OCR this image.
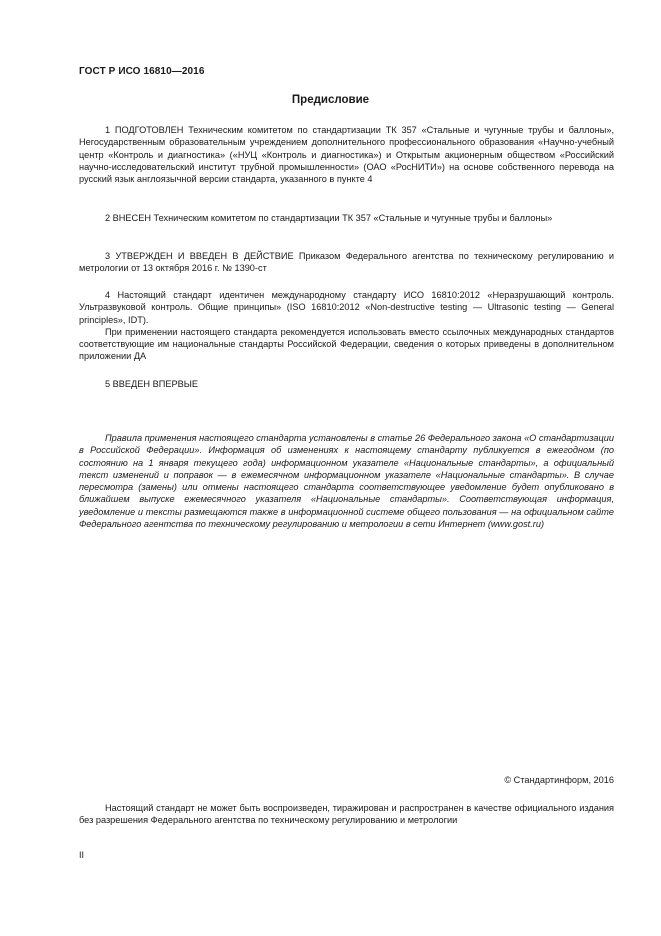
ГОСТ Р ИСО 16810—2016
Предисловие

1 ПОДГОТОВЛЕН Техническим комитетом по стандартизации ТК 357 «Стальные и чугунные трубы и баллоны», Негосударственным образовательным учреждением дополнительного профессионального образования «Научно-учебный центр «Контроль и диагностика» («НУЦ «Контроль и диагностика») и Открытым акционерным обществом «Российский научно-исследовательский институт трубной промышленности» (ОАО «РосНИТИ») на основе собственного перевода на русский язык англоязычной версии стандарта, указанного в пункте 4

2 ВНЕСЕН Техническим комитетом по стандартизации ТК 357 «Стальные и чугунные трубы и баллоны»

3 УТВЕРЖДЕН И ВВЕДЕН В ДЕЙСТВИЕ Приказом Федерального агентства по техническому регулированию и метрологии от 13 октября 2016 г. № 1390-ст

4 Настоящий стандарт идентичен международному стандарту ИСО 16810:2012 «Неразрушающий контроль. Ультразвуковой контроль. Общие принципы» (ISO 16810:2012 «Non-destructive testing — Ultrasonic testing — General principles», IDT).

При применении настоящего стандарта рекомендуется использовать вместо ссылочных международных стандартов соответствующие им национальные стандарты Российской Федерации, сведения о которых приведены в дополнительном приложении ДА

5 ВВЕДЕН ВПЕРВЫЕ

Правила применения настоящего стандарта установлены в статье 26 Федерального закона «О стандартизации в Российской Федерации». Информация об изменениях к настоящему стандарту публикуется в ежегодном (по состоянию на 1 января текущего года) информационном указателе «Национальные стандарты», а официальный текст изменений и поправок — в ежемесячном информационном указателе «Национальные стандарты». В случае пересмотра (замены) или отмены настоящего стандарта соответствующее уведомление будет опубликовано в ближайшем выпуске ежемесячного указателя «Национальные стандарты». Соответствующая информация, уведомление и тексты размещаются также в информационной системе общего пользования — на официальном сайте Федерального агентства по техническому регулированию и метрологии в сети Интернет (www.gost.ru)

© Стандартинформ, 2016

Настоящий стандарт не может быть воспроизведен, тиражирован и распространен в качестве официального издания без разрешения Федерального агентства по техническому регулированию и метрологии

II
